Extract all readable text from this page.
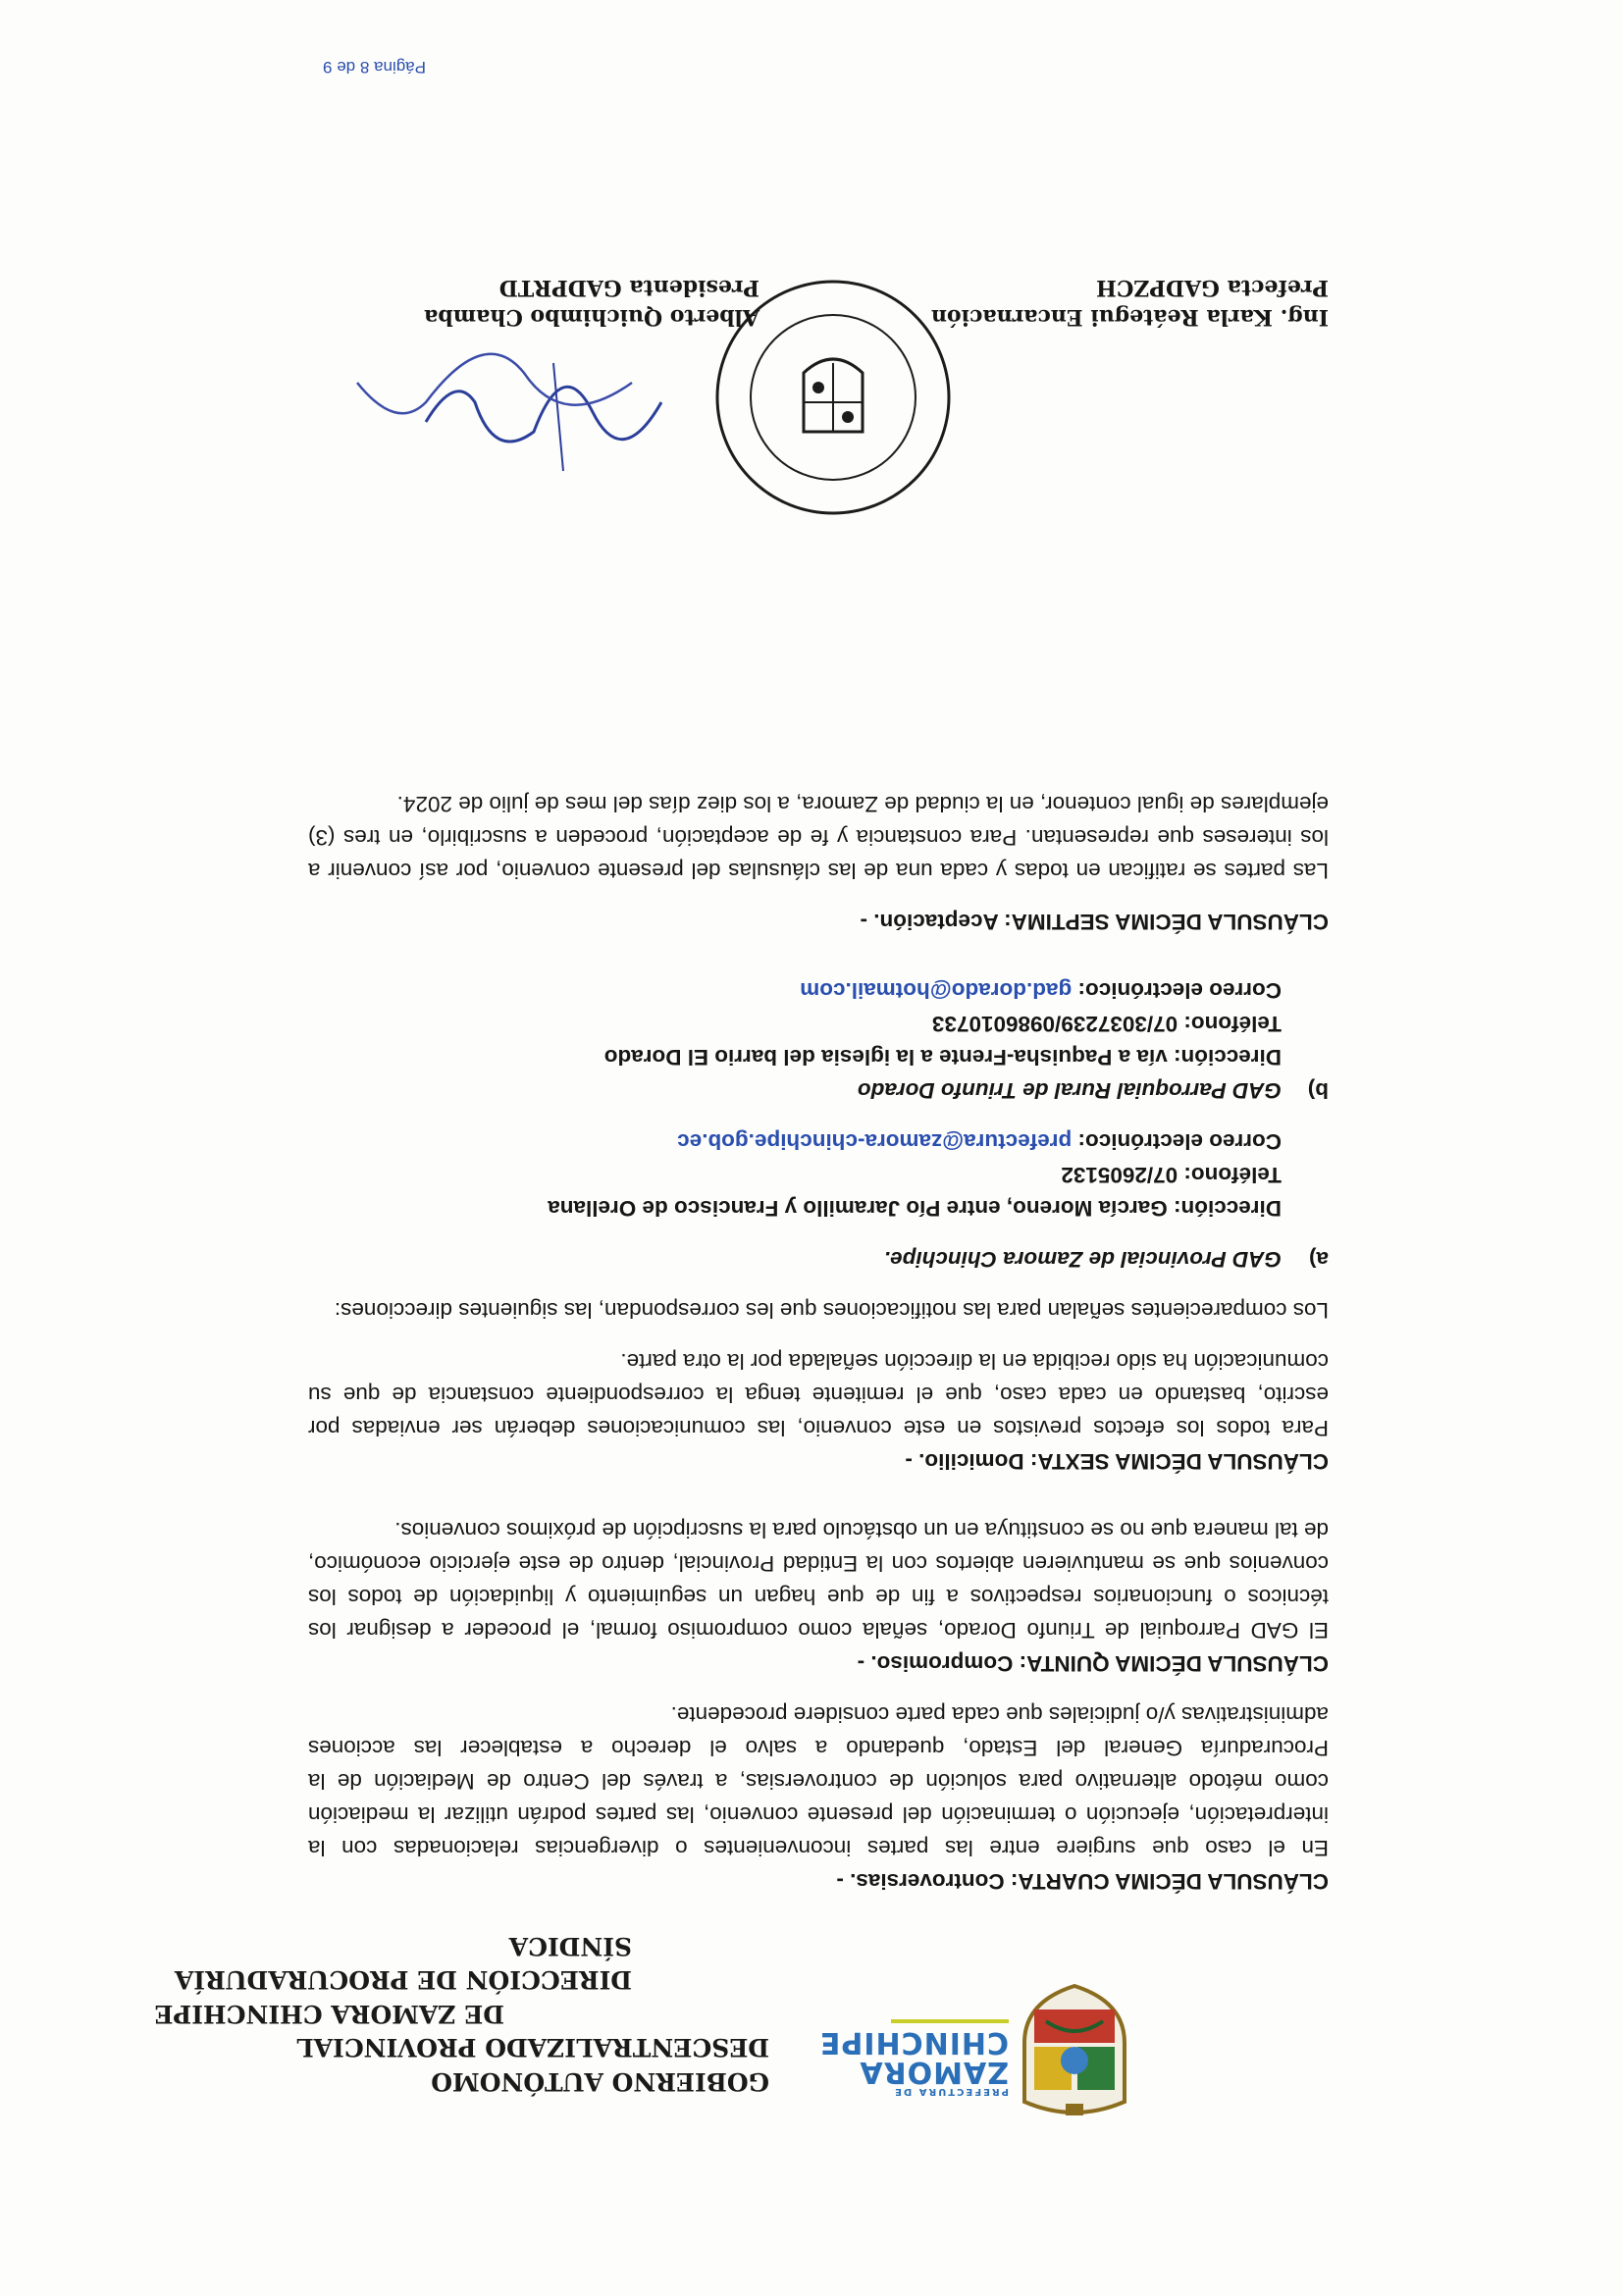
PREFECTURA DE
ZAMORA
CHINCHIPE
GOBIERNO AUTÓNOMO DESCENTRALIZADO PROVINCIAL
DE ZAMORA CHINCHIPE
DIRECCIÓN DE PROCURADURÍA SÍNDICA

CLÁUSULA DÉCIMA CUARTA: Controversias. -

En el caso que surgiere entre las partes inconvenientes o divergencias relacionadas con la interpretación, ejecución o terminación del presente convenio, las partes podrán utilizar la mediación como método alternativo para solución de controversias, a través del Centro de Mediación de la Procuraduría General del Estado, quedando a salvo el derecho a establecer las acciones administrativas y/o judiciales que cada parte considere procedente.

CLÁUSULA DÉCIMA QUINTA: Compromiso. -

El GAD Parroquial de Triunfo Dorado, señala como compromiso formal, el proceder a designar los técnicos o funcionarios respectivos a fin de que hagan un seguimiento y liquidación de todos los convenios que se mantuvieren abiertos con la Entidad Provincial, dentro de este ejercicio económico, de tal manera que no se constituya en un obstáculo para la suscripción de próximos convenios.

CLÁUSULA DÉCIMA SEXTA: Domicilio. -

Para todos los efectos previstos en este convenio, las comunicaciones deberán ser enviadas por escrito, bastando en cada caso, que el remitente tenga la correspondiente constancia de que su comunicación ha sido recibida en la dirección señalada por la otra parte.

Los comparecientes señalan para las notificaciones que les correspondan, las siguientes direcciones:

a)
GAD Provincial de Zamora Chinchipe.

Dirección: García Moreno, entre Pío Jaramillo y Francisco de Orellana

Teléfono: 07/2605132

Correo electrónico: prefectura@zamora-chinchipe.gob.ec

b)
GAD Parroquial Rural de Triunfo Dorado

Dirección: vía a Paquisha-Frente a la iglesia del barrio El Dorado

Teléfono: 07/3037239/0986010733

Correo electrónico: gad.dorado@hotmail.com

CLÁUSULA DÉCIMA SEPTIMA: Aceptación. -

Las partes se ratifican en todas y cada una de las cláusulas del presente convenio, por así convenir a los intereses que representan. Para constancia y fe de aceptación, proceden a suscribirlo, en tres (3) ejemplares de igual contenor, en la ciudad de Zamora, a los diez días del mes de julio de 2024.

Ing. Karla Reátegui Encarnación
Prefecta GADPZCH
Alberto Quichimbo Chamba
Presidenta GADPRTD
Página 8 de 9
